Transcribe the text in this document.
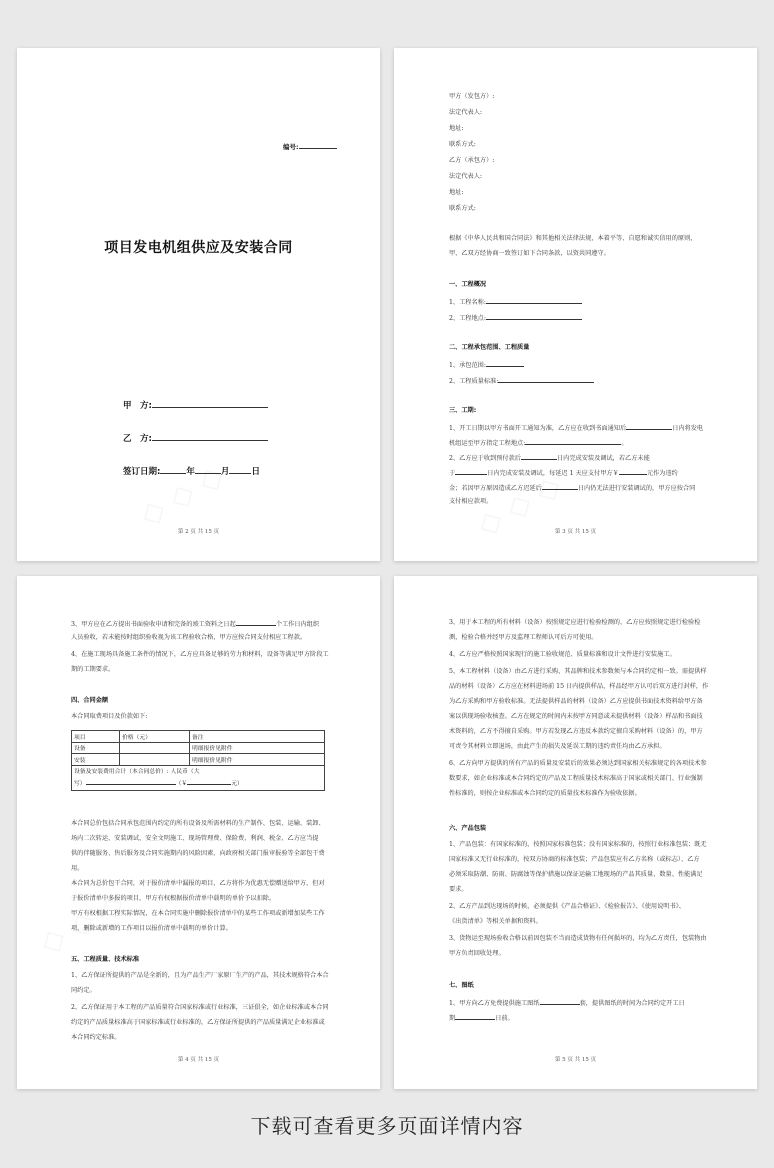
编号:
项目发电机组供应及安装合同
甲　方:
乙　方:
签订日期:	年	月	日
第 2 页 共 15 页
甲方（发包方）:
法定代表人:
地址:
联系方式:
乙方（承包方）:
法定代表人:
地址:
联系方式:
根据《中华人民共和国合同法》和其他相关法律法规，本着平等、自愿和诚实信用的原则，
甲、乙双方经协商一致签订如下合同条款，以资共同遵守。
一、工程概况
1、工程名称:
2、工程地点:
二、工程承包范围、工程质量
1、承包范围:
2、工程质量标准:
三、工期:
1、开工日期以甲方书面开工通知为准，乙方应在收到书面通知后	日内将发电
机组运至甲方指定工程地点:	。
2、乙方应于收到预付款后	日内完成安装及调试，若乙方未能
于	日内完成安装及调试，每延迟 1 天应支付甲方￥	元作为违约
金；若因甲方原因造成乙方迟延后	日内仍无法进行安装调试的，甲方应按合同
支付相应款项。
第 3 页 共 15 页
3、甲方应在乙方提出书面验收申请和完备的竣工资料之日起	个工作日内组织
人员验收，若未能按时组织验收视为该工程验收合格，甲方应按合同支付相应工程款。
4、在施工现场具备施工条件的情况下，乙方应具备足够的劳力和材料，设备等满足甲方阶段工
期的工期要求。
四、合同金额
本合同取费项目及价款如下:
项目	价格（元）	备注
设备		明细报价见附件
安装		明细报价见附件
设备及安装费用合计（本合同总价）: 人民币（大
写） （￥ 元）		
本合同总价包括合同承包范围内约定的所有设备及所需材料的生产制作、包装、运输、装卸、
场内二次转运、安装调试、安全文明施工、现场管理费、保险费、利润、税金、乙方应当提
供的伴随服务、售后服务及合同实施期内的风险因素、向政府相关部门报审报验等全部包干费
用。
本合同为总价包干合同，对于报价清单中漏报的项目，乙方将作为优惠无偿赠送给甲方，但对
于报价清单中多报的项目，甲方有权根据报价清单中载明的单价予以扣除。
甲方有权根据工程实际情况，在本合同实施中删除报价清单中的某些工作项或新增加某些工作
项，删除或新增的工作项目以报价清单中载明的单价计算。
五、工程质量、技术标准
1、乙方保证所提供的产品是全新的，且为产品生产厂家原厂生产的产品，其技术规格符合本合
同约定。
2、乙方保证用于本工程的产品质量符合国家标准或行业标准，三证俱全，如企业标准或本合同
约定的产品质量标准高于国家标准或行业标准的，乙方保证所提供的产品质量满足企业标准或
本合同约定标准。
第 4 页 共 15 页
3、用于本工程的所有材料（设备）按照规定应进行检验检测的，乙方应按照规定进行检验检
测，检验合格并经甲方及监理工程师认可后方可使用。
4、乙方应严格按照国家现行的施工验收规范、质量标准和设计文件进行安装施工。
5、本工程材料（设备）由乙方进行采购，其品牌和技术参数须与本合同约定相一致。需提供样
品的材料（设备）乙方应在材料进场前 15 日内提供样品，样品经甲方认可后双方进行封样，作
为乙方采购和甲方验收标准。无法提供样品的材料（设备）乙方应提供书面技术资料给甲方备
案以供现场验收核查。乙方在规定的时间内未按甲方同意或未提供材料（设备）样品和书面技
术资料的，乙方不得擅自采购。甲方若发现乙方违反本款约定擅自采购材料（设备）的，甲方
可责令其材料立即退场，由此产生的损失及延误工期的违约责任均由乙方承担。
6、乙方向甲方提供的所有产品的质量及安装后的效果必须达到国家相关标准规定的各项技术参
数要求，如企业标准或本合同约定的产品及工程质量技术标准高于国家或相关部门、行业强制
性标准的，则按企业标准或本合同约定的质量技术标准作为验收依据。
六、产品包装
1、产品包装：有国家标准的，按照国家标准包装；没有国家标准的，按照行业标准包装；既无
国家标准又无行业标准的，按双方协商的标准包装；产品包装应有乙方名称（或标志）、乙方
必须采取防潮、防雨、防腐蚀等保护措施以保证运输工地现场的产品其质量、数量、性能满足
要求。
2、乙方产品到达现场的时候，必须提供《产品合格证》、《检验报告》、《使用说明书》、
《出货清单》等相关单据和资料。
3、货物运至现场验收合格以前因包装不当而造成货物有任何损坏的，均为乙方责任，包装物由
甲方负责回收处理。
七、图纸
1、甲方向乙方免费提供施工图纸	套，提供图纸的时间为合同约定开工日
期	日前。
第 5 页 共 15 页
下载可查看更多页面详情内容
